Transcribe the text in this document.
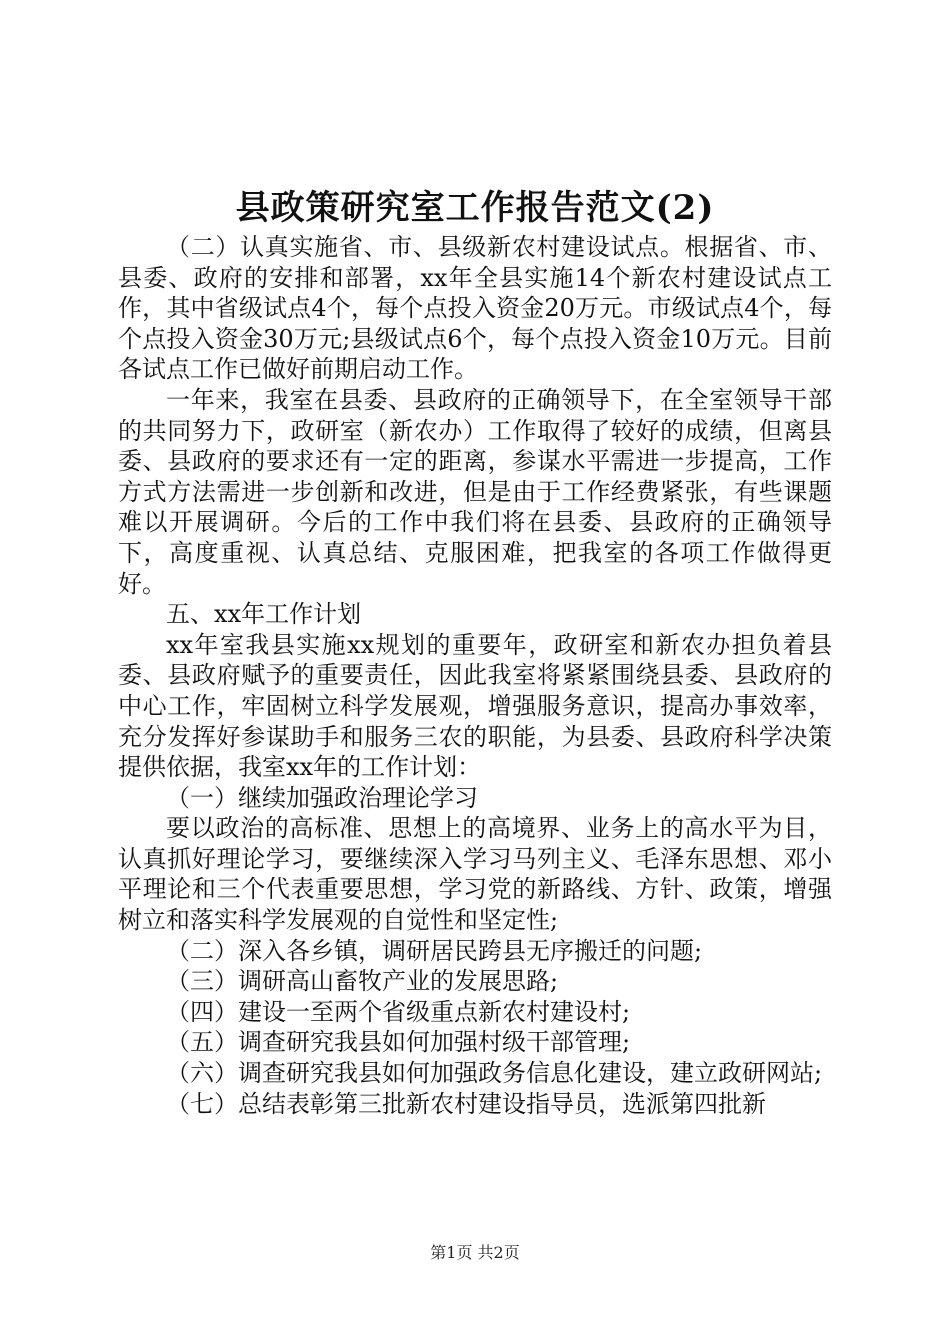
县政策研究室工作报告范文(2)

（二）认真实施省、市、县级新农村建设试点。根据省、市、县委、政府的安排和部署，xx年全县实施14个新农村建设试点工作，其中省级试点4个，每个点投入资金20万元。市级试点4个，每个点投入资金30万元;县级试点6个，每个点投入资金10万元。目前各试点工作已做好前期启动工作。

一年来，我室在县委、县政府的正确领导下，在全室领导干部的共同努力下，政研室（新农办）工作取得了较好的成绩，但离县委、县政府的要求还有一定的距离，参谋水平需进一步提高，工作方式方法需进一步创新和改进，但是由于工作经费紧张，有些课题难以开展调研。今后的工作中我们将在县委、县政府的正确领导下，高度重视、认真总结、克服困难，把我室的各项工作做得更好。

五、xx年工作计划

xx年室我县实施xx规划的重要年，政研室和新农办担负着县委、县政府赋予的重要责任，因此我室将紧紧围绕县委、县政府的中心工作，牢固树立科学发展观，增强服务意识，提高办事效率，充分发挥好参谋助手和服务三农的职能，为县委、县政府科学决策提供依据，我室xx年的工作计划：

（一）继续加强政治理论学习

要以政治的高标准、思想上的高境界、业务上的高水平为目，认真抓好理论学习，要继续深入学习马列主义、毛泽东思想、邓小平理论和三个代表重要思想，学习党的新路线、方针、政策，增强树立和落实科学发展观的自觉性和坚定性;

（二）深入各乡镇，调研居民跨县无序搬迁的问题;

（三）调研高山畜牧产业的发展思路;

（四）建设一至两个省级重点新农村建设村;

（五）调查研究我县如何加强村级干部管理;

（六）调查研究我县如何加强政务信息化建设，建立政研网站;

（七）总结表彰第三批新农村建设指导员，选派第四批新

第1页 共2页
